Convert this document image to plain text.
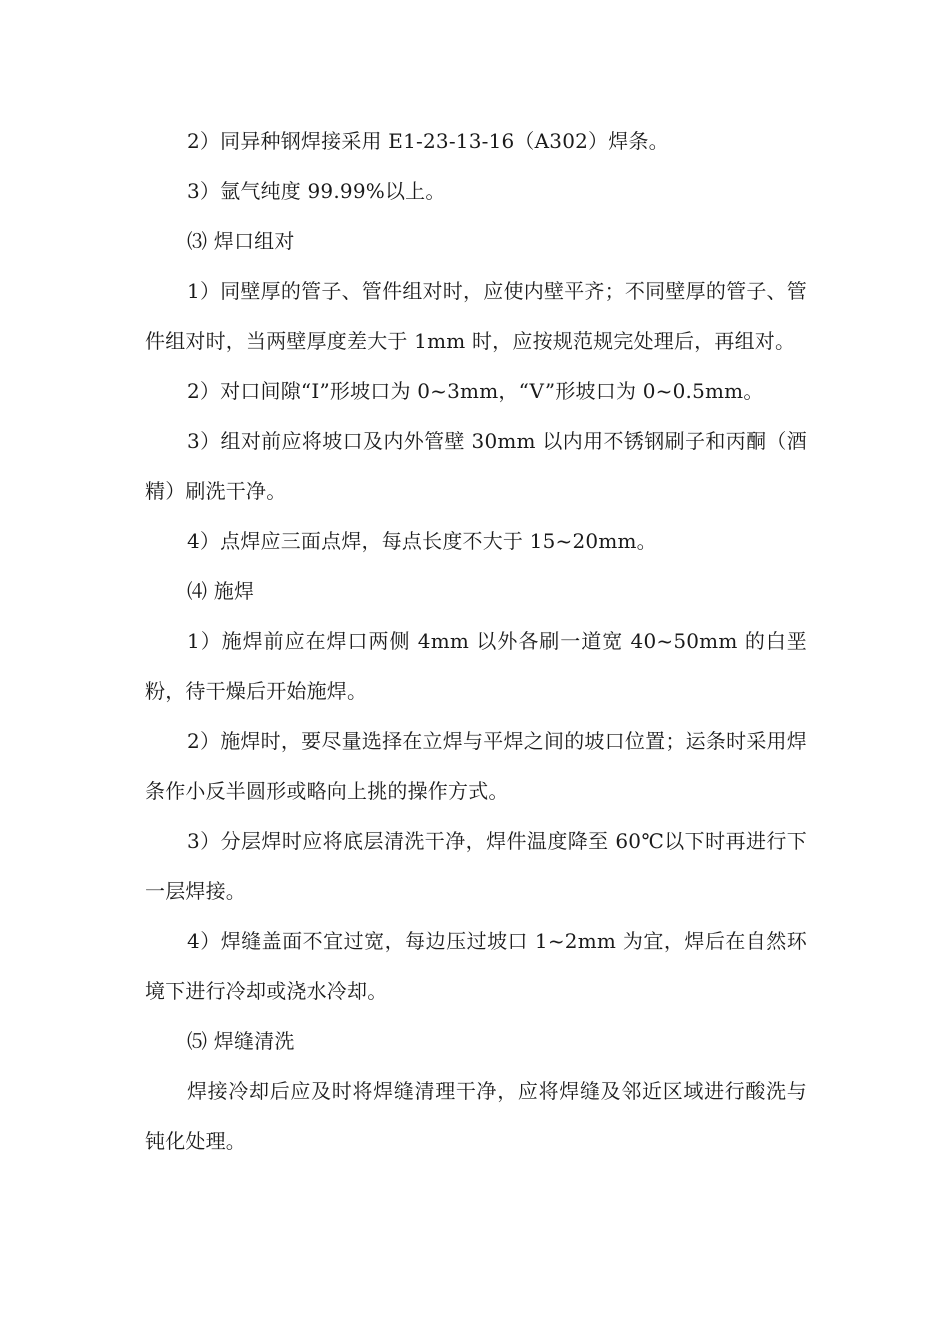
2）同异种钢焊接采用 E1-23-13-16（A302）焊条。

3）氩气纯度 99.99%以上。

⑶ 焊口组对

1）同壁厚的管子、管件组对时，应使内壁平齐；不同壁厚的管子、管件组对时，当两壁厚度差大于 1mm 时，应按规范规完处理后，再组对。

2）对口间隙“I”形坡口为 0~3mm，“V”形坡口为 0~0.5mm。

3）组对前应将坡口及内外管壁 30mm 以内用不锈钢刷子和丙酮（酒精）刷洗干净。

4）点焊应三面点焊，每点长度不大于 15~20mm。

⑷ 施焊

1）施焊前应在焊口两侧 4mm 以外各刷一道宽 40~50mm 的白垩粉，待干燥后开始施焊。

2）施焊时，要尽量选择在立焊与平焊之间的坡口位置；运条时采用焊条作小反半圆形或略向上挑的操作方式。

3）分层焊时应将底层清洗干净，焊件温度降至 60℃以下时再进行下一层焊接。

4）焊缝盖面不宜过宽，每边压过坡口 1~2mm 为宜，焊后在自然环境下进行冷却或浇水冷却。

⑸ 焊缝清洗

焊接冷却后应及时将焊缝清理干净，应将焊缝及邻近区域进行酸洗与钝化处理。
